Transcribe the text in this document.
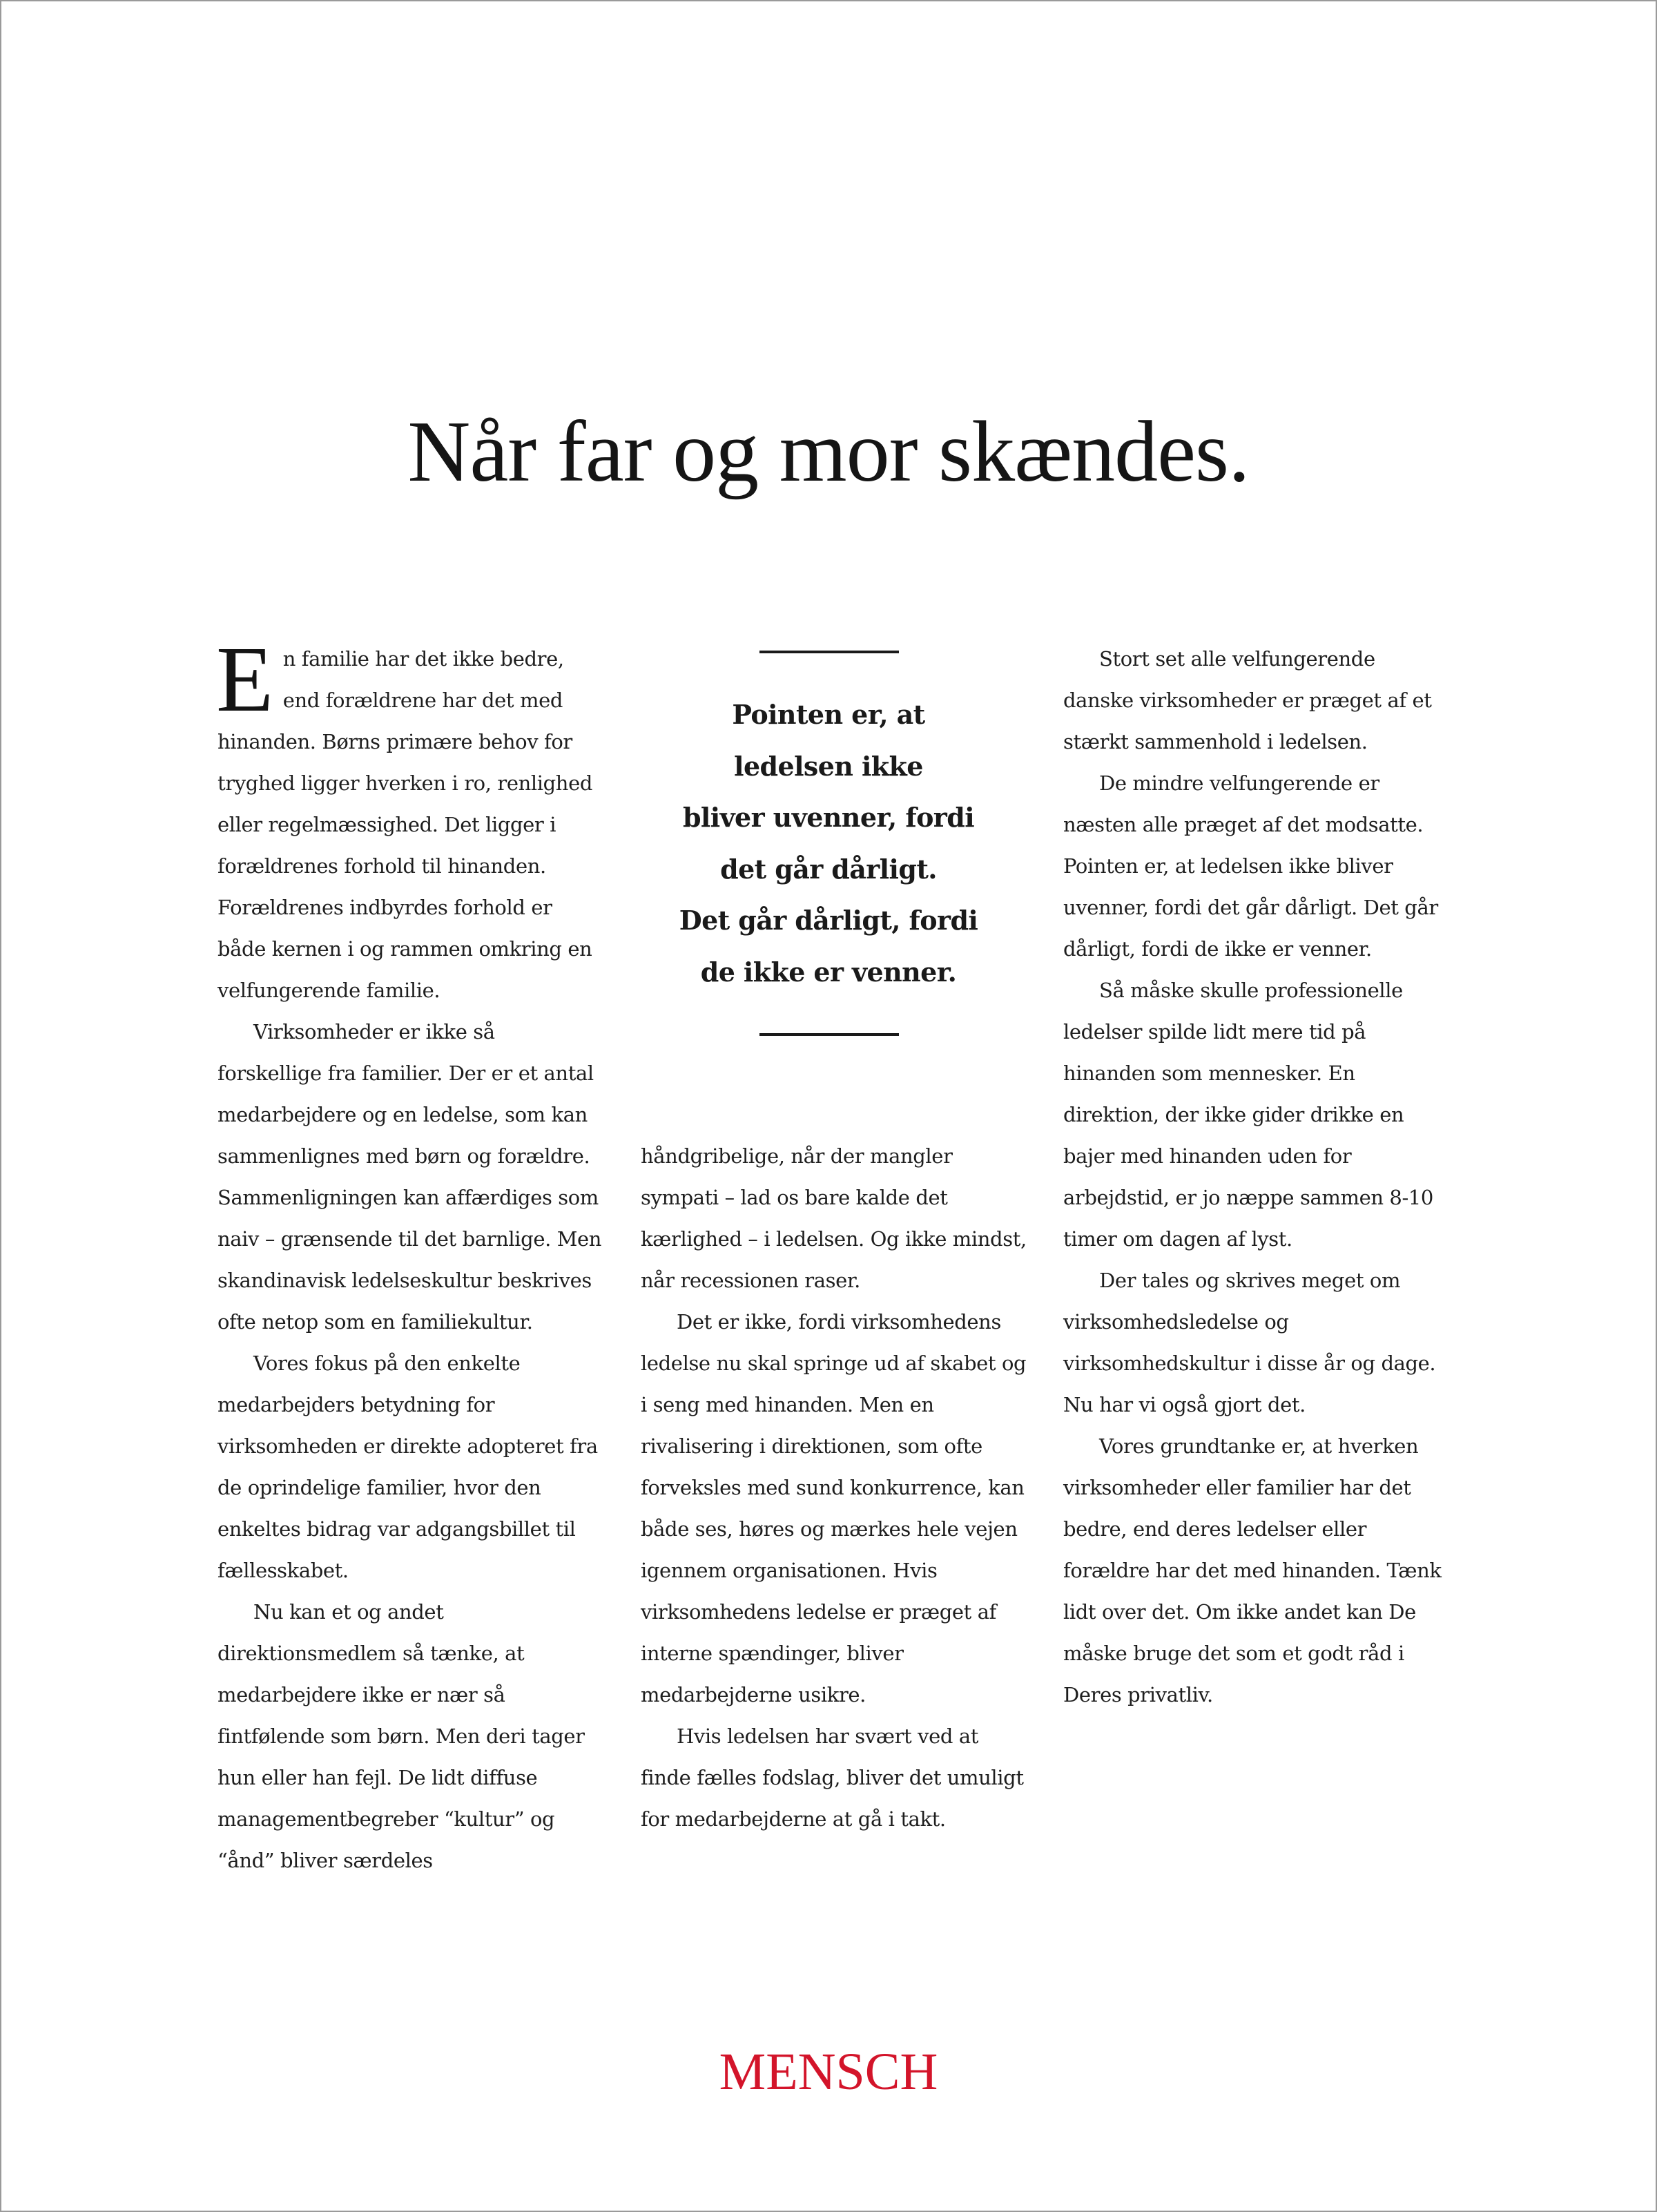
Når far og mor skændes.

En familie har det ikke bedre, end forældrene har det med hinanden. Børns primære behov for tryghed ligger hverken i ro, renlighed eller regelmæssighed. Det ligger i forældrenes forhold til hinanden. Forældrenes indbyrdes forhold er både kernen i og rammen omkring en velfungerende familie.

Virksomheder er ikke så forskellige fra familier. Der er et antal medarbejdere og en ledelse, som kan sammenlignes med børn og forældre. Sammenligningen kan affærdiges som naiv – grænsende til det barnlige. Men skandinavisk ledelseskultur beskrives ofte netop som en familiekultur.

Vores fokus på den enkelte medarbejders betydning for virksomheden er direkte adopteret fra de oprindelige familier, hvor den enkeltes bidrag var adgangsbillet til fællesskabet.

Nu kan et og andet direktionsmedlem så tænke, at medarbejdere ikke er nær så fintfølende som børn. Men deri tager hun eller han fejl. De lidt diffuse managementbegreber “kultur” og “ånd” bliver særdeles

Pointen er, at
ledelsen ikke
bliver uvenner, fordi
det går dårligt.
Det går dårligt, fordi
de ikke er venner.

håndgribelige, når der mangler sympati – lad os bare kalde det kærlighed – i ledelsen. Og ikke mindst, når recessionen raser.

Det er ikke, fordi virksomhedens ledelse nu skal springe ud af skabet og i seng med hinanden. Men en rivalisering i direktionen, som ofte forveksles med sund konkurrence, kan både ses, høres og mærkes hele vejen igennem organisationen. Hvis virksomhedens ledelse er præget af interne spændinger, bliver medarbejderne usikre.

Hvis ledelsen har svært ved at finde fælles fodslag, bliver det umuligt for medarbejderne at gå i takt.

Stort set alle velfungerende danske virksomheder er præget af et stærkt sammenhold i ledelsen.

De mindre velfungerende er næsten alle præget af det modsatte. Pointen er, at ledelsen ikke bliver uvenner, fordi det går dårligt. Det går dårligt, fordi de ikke er venner.

Så måske skulle professionelle ledelser spilde lidt mere tid på hinanden som mennesker. En direktion, der ikke gider drikke en bajer med hinanden uden for arbejdstid, er jo næppe sammen 8-10 timer om dagen af lyst.

Der tales og skrives meget om virksomhedsledelse og virksomhedskultur i disse år og dage. Nu har vi også gjort det.

Vores grundtanke er, at hverken virksomheder eller familier har det bedre, end deres ledelser eller forældre har det med hinanden. Tænk lidt over det. Om ikke andet kan De måske bruge det som et godt råd i Deres privatliv.

MENSCH
